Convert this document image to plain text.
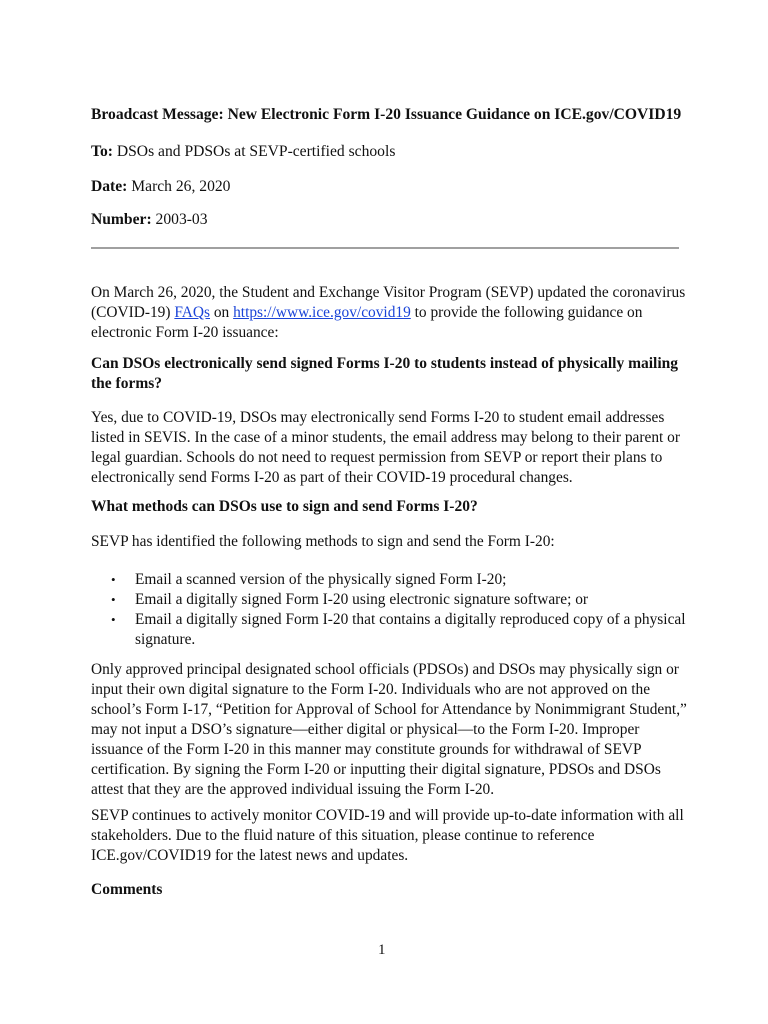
Broadcast Message: New Electronic Form I-20 Issuance Guidance on ICE.gov/COVID19
To: DSOs and PDSOs at SEVP-certified schools
Date: March 26, 2020
Number: 2003-03
On March 26, 2020, the Student and Exchange Visitor Program (SEVP) updated the coronavirus
(COVID-19) FAQs on https://www.ice.gov/covid19 to provide the following guidance on
electronic Form I-20 issuance:
Can DSOs electronically send signed Forms I-20 to students instead of physically mailing
the forms?
Yes, due to COVID-19, DSOs may electronically send Forms I-20 to student email addresses
listed in SEVIS. In the case of a minor students, the email address may belong to their parent or
legal guardian. Schools do not need to request permission from SEVP or report their plans to
electronically send Forms I-20 as part of their COVID-19 procedural changes.
What methods can DSOs use to sign and send Forms I-20?
SEVP has identified the following methods to sign and send the Form I-20:
• Email a scanned version of the physically signed Form I-20;
• Email a digitally signed Form I-20 using electronic signature software; or
• Email a digitally signed Form I-20 that contains a digitally reproduced copy of a physical
signature.
Only approved principal designated school officials (PDSOs) and DSOs may physically sign or
input their own digital signature to the Form I-20. Individuals who are not approved on the
school’s Form I-17, “Petition for Approval of School for Attendance by Nonimmigrant Student,”
may not input a DSO’s signature—either digital or physical—to the Form I-20. Improper
issuance of the Form I-20 in this manner may constitute grounds for withdrawal of SEVP
certification. By signing the Form I-20 or inputting their digital signature, PDSOs and DSOs
attest that they are the approved individual issuing the Form I-20.
SEVP continues to actively monitor COVID-19 and will provide up-to-date information with all
stakeholders. Due to the fluid nature of this situation, please continue to reference
ICE.gov/COVID19 for the latest news and updates.
Comments
1
